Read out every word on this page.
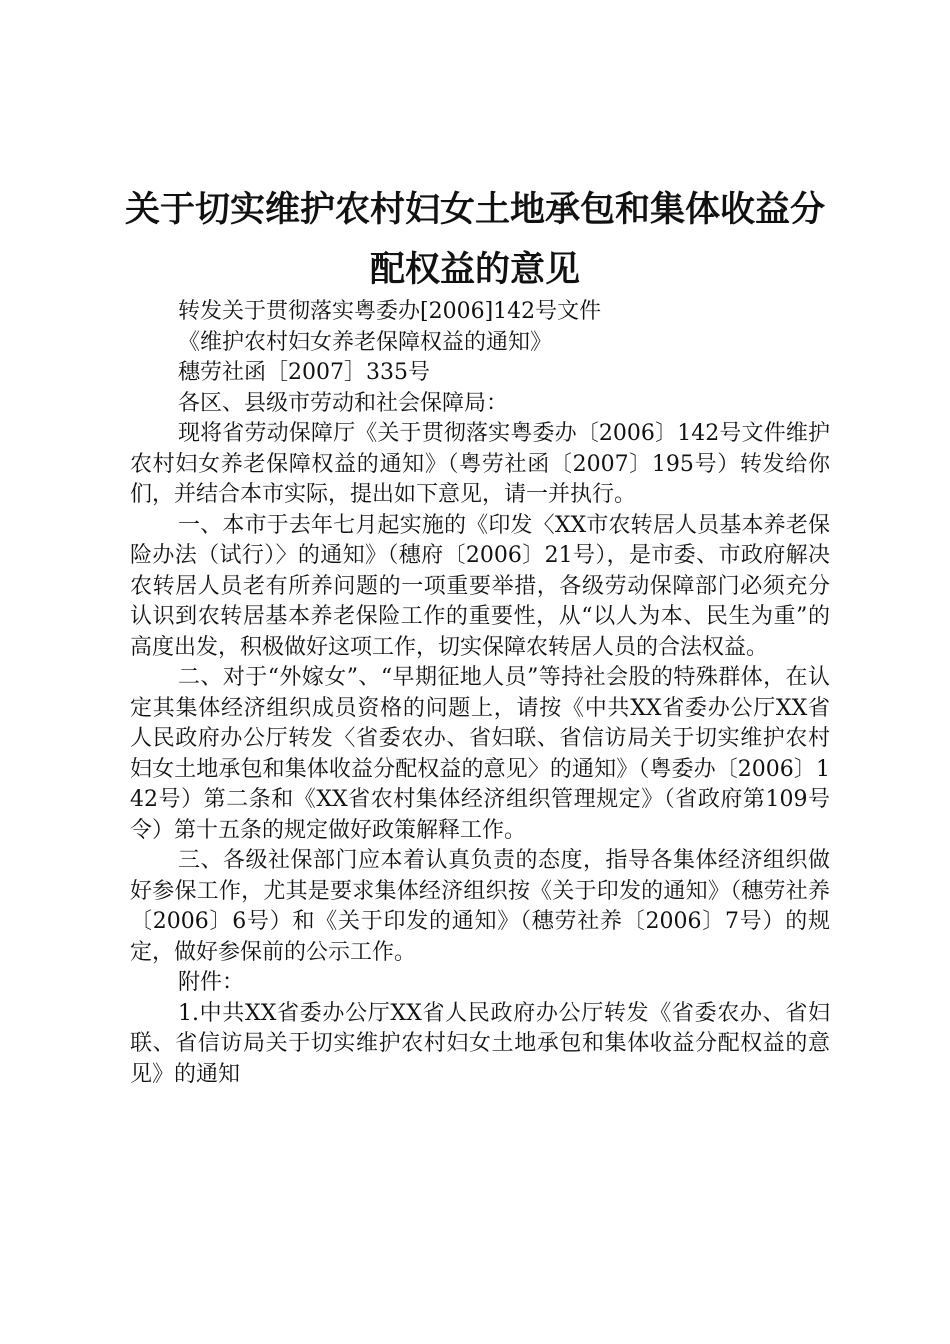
关于切实维护农村妇女土地承包和集体收益分
配权益的意见

转发关于贯彻落实粤委办[2006]142号文件

《维护农村妇女养老保障权益的通知》

穗劳社函［2007］335号

各区、县级市劳动和社会保障局：

现将省劳动保障厅《关于贯彻落实粤委办〔2006〕142号文件维护农村妇女养老保障权益的通知》（粤劳社函〔2007〕195号）转发给你们，并结合本市实际，提出如下意见，请一并执行。

一、本市于去年七月起实施的《印发〈XX市农转居人员基本养老保险办法（试行）〉的通知》（穗府〔2006〕21号），是市委、市政府解决农转居人员老有所养问题的一项重要举措，各级劳动保障部门必须充分认识到农转居基本养老保险工作的重要性，从“以人为本、民生为重”的高度出发，积极做好这项工作，切实保障农转居人员的合法权益。

二、对于“外嫁女”、“早期征地人员”等持社会股的特殊群体，在认定其集体经济组织成员资格的问题上，请按《中共XX省委办公厅XX省人民政府办公厅转发〈省委农办、省妇联、省信访局关于切实维护农村妇女土地承包和集体收益分配权益的意见〉的通知》（粤委办〔2006〕142号）第二条和《XX省农村集体经济组织管理规定》（省政府第109号令）第十五条的规定做好政策解释工作。

三、各级社保部门应本着认真负责的态度，指导各集体经济组织做好参保工作，尤其是要求集体经济组织按《关于印发的通知》（穗劳社养〔2006〕6号）和《关于印发的通知》（穗劳社养〔2006〕7号）的规定，做好参保前的公示工作。

附件：

1.中共XX省委办公厅XX省人民政府办公厅转发《省委农办、省妇联、省信访局关于切实维护农村妇女土地承包和集体收益分配权益的意见》的通知
